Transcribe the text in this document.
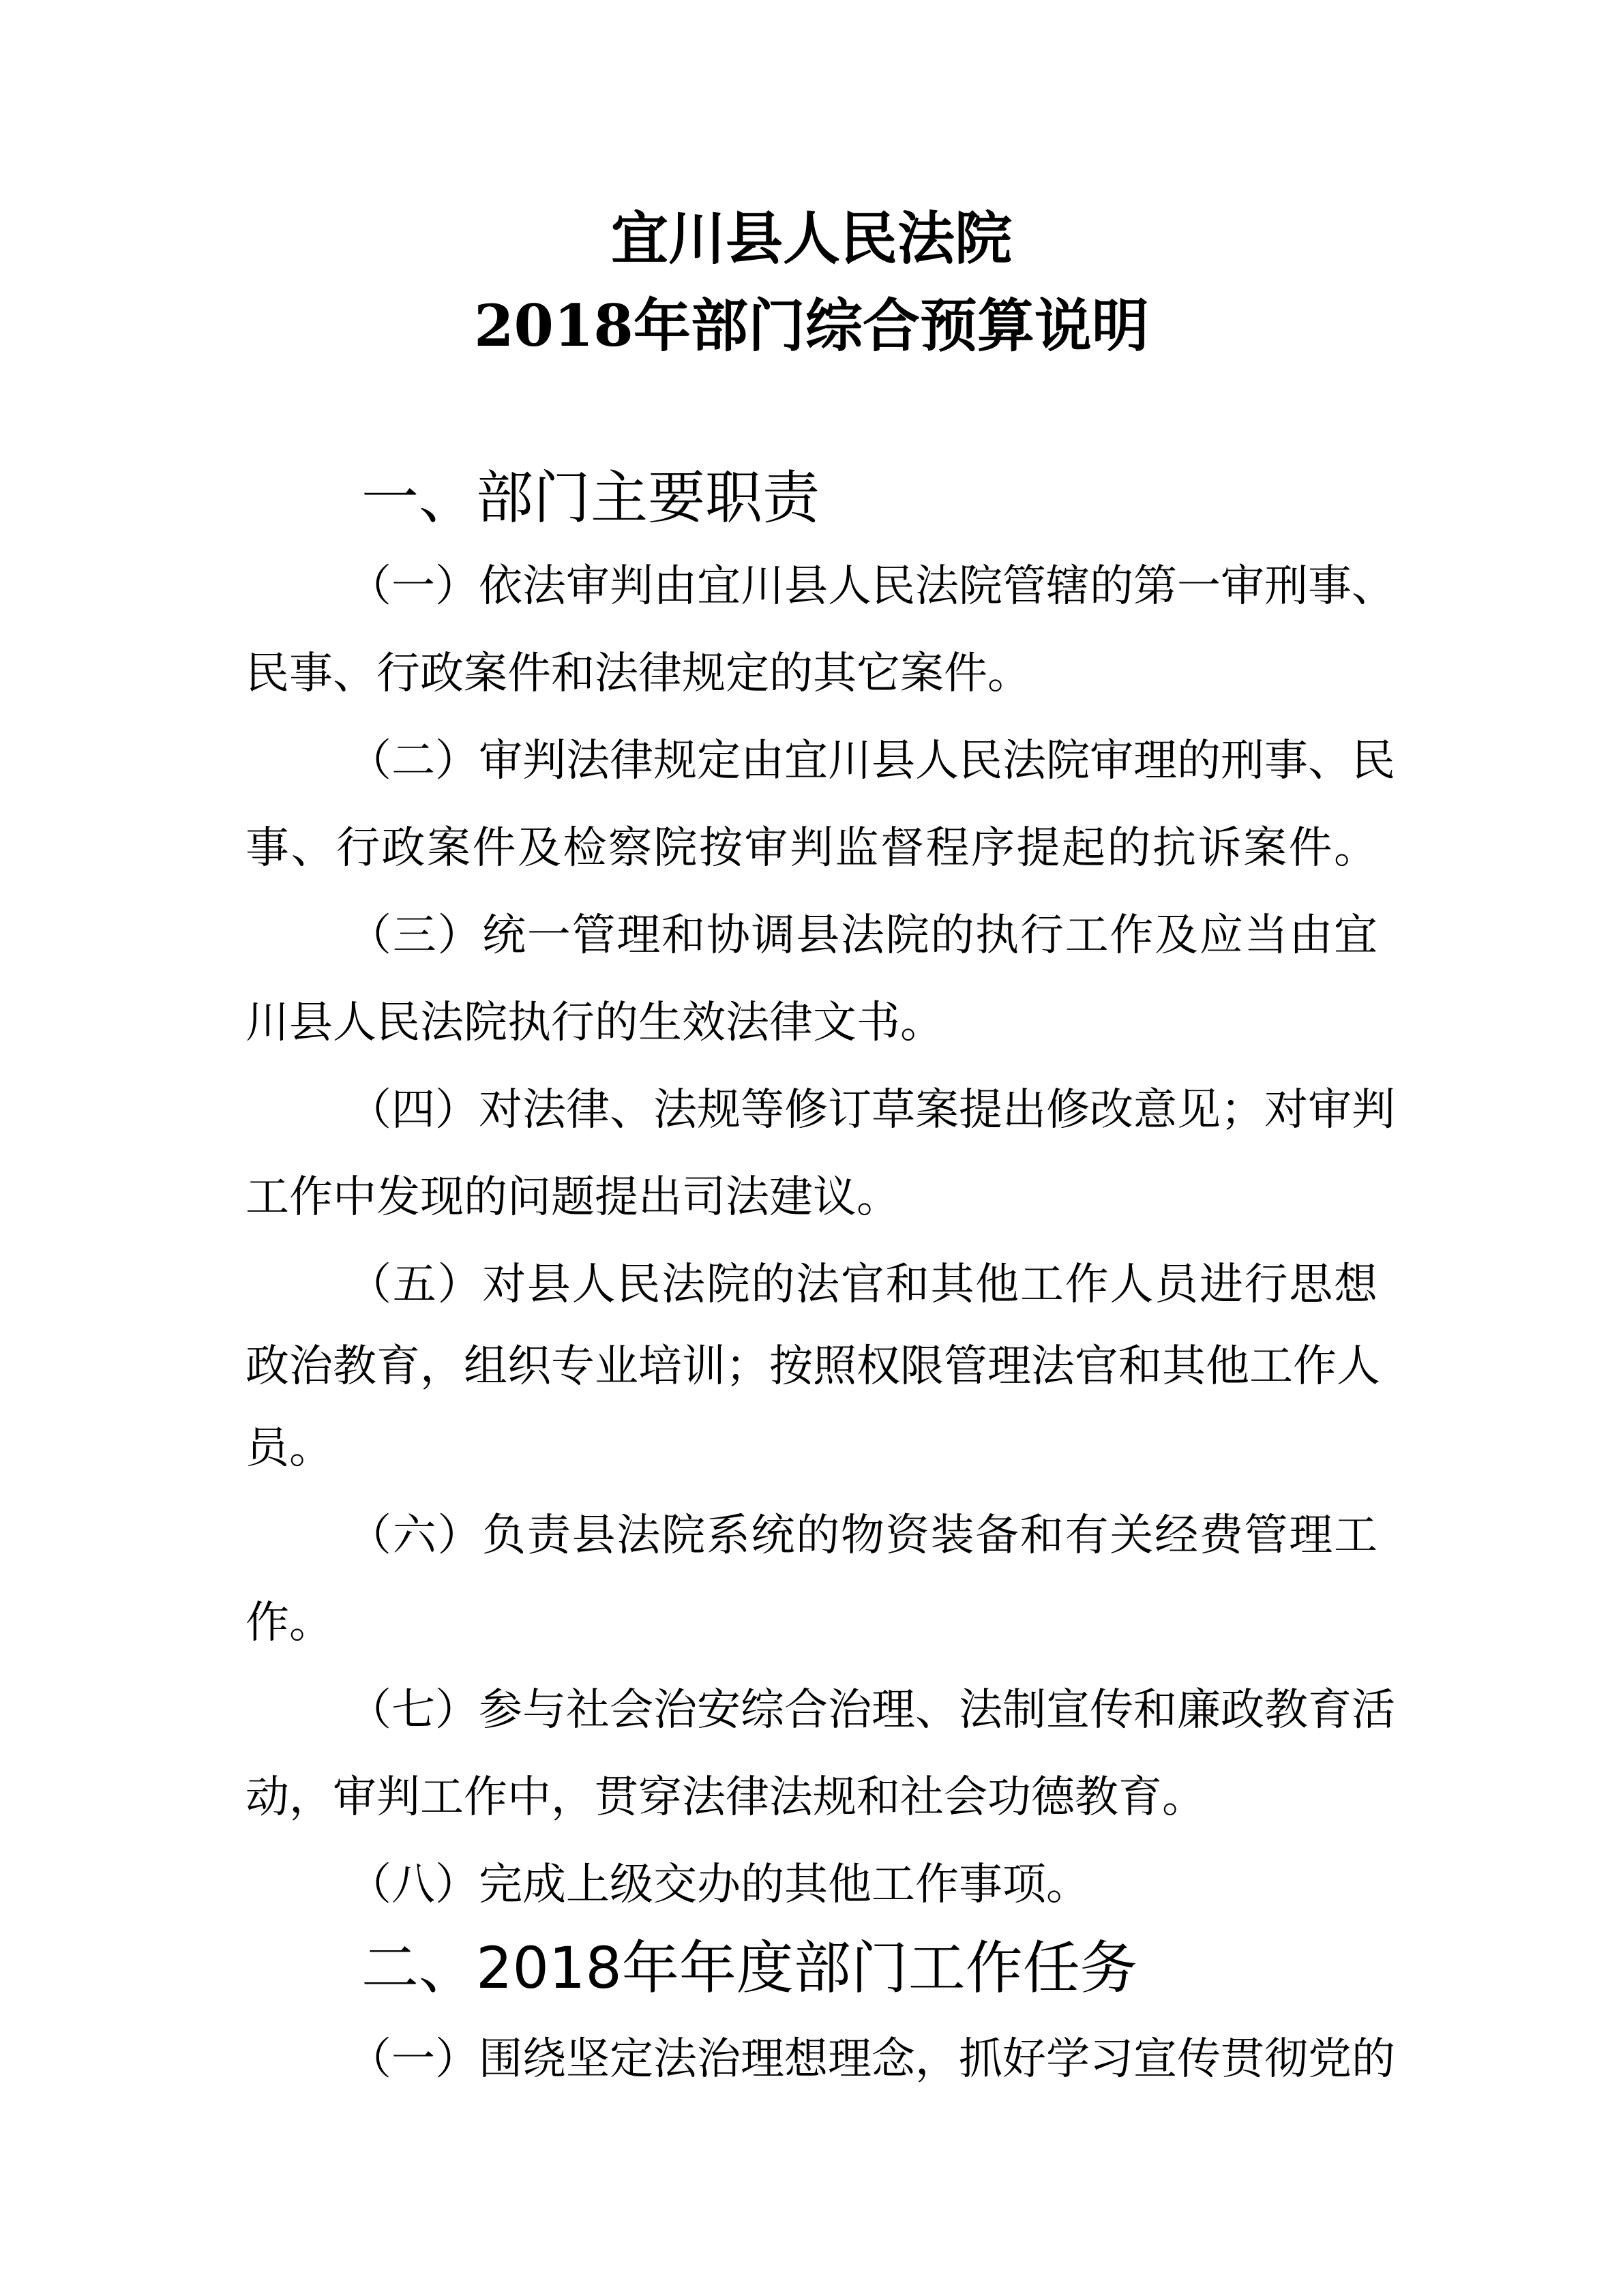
宜川县人民法院
2018年部门综合预算说明
一、部门主要职责
（一）依法审判由宜川县人民法院管辖的第一审刑事、
民事、行政案件和法律规定的其它案件。
（二）审判法律规定由宜川县人民法院审理的刑事、民
事、行政案件及检察院按审判监督程序提起的抗诉案件。
（三）统一管理和协调县法院的执行工作及应当由宜
川县人民法院执行的生效法律文书。
（四）对法律、法规等修订草案提出修改意见；对审判
工作中发现的问题提出司法建议。
（五）对县人民法院的法官和其他工作人员进行思想
政治教育，组织专业培训；按照权限管理法官和其他工作人
员。
（六）负责县法院系统的物资装备和有关经费管理工
作。
（七）参与社会治安综合治理、法制宣传和廉政教育活
动，审判工作中，贯穿法律法规和社会功德教育。
（八）完成上级交办的其他工作事项。
二、2018年年度部门工作任务
（一）围绕坚定法治理想理念，抓好学习宣传贯彻党的
